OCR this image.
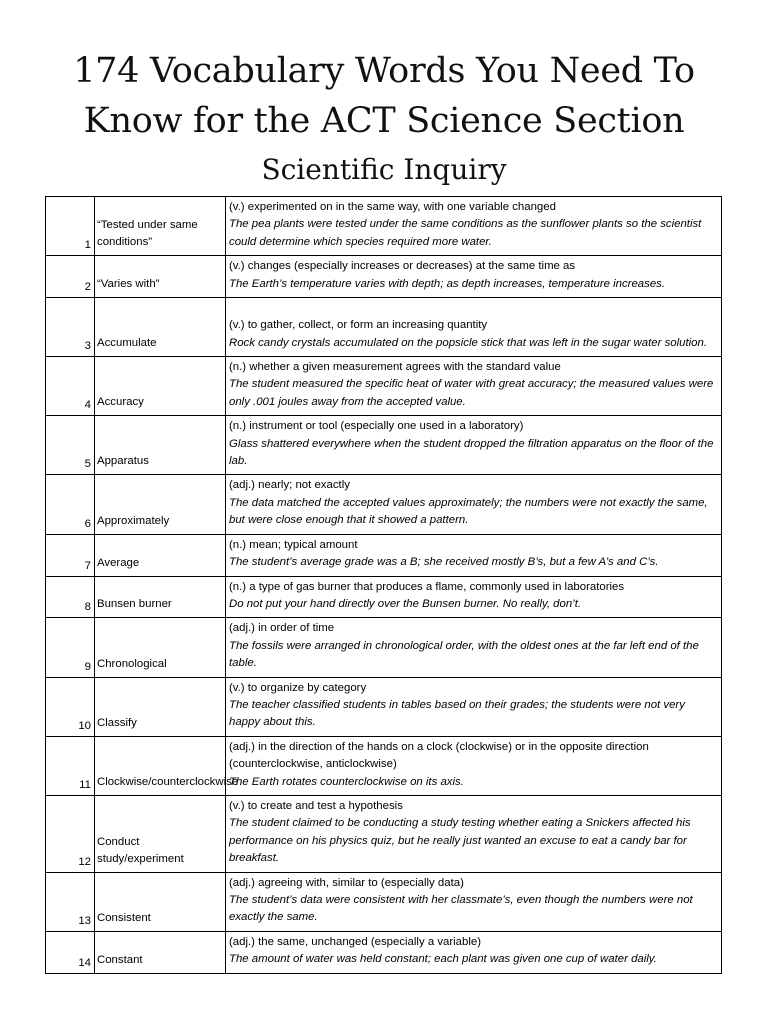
174 Vocabulary Words You Need To
Know for the ACT Science Section
Scientific Inquiry
1	“Tested under same conditions”	(v.) experimented on in the same way, with one variable changed
The pea plants were tested under the same conditions as the sunflower plants so the scientist could determine which species required more water.

2	“Varies with”	(v.) changes (especially increases or decreases) at the same time as
The Earth’s temperature varies with depth; as depth increases, temperature increases.

3	Accumulate	(v.) to gather, collect, or form an increasing quantity
Rock candy crystals accumulated on the popsicle stick that was left in the sugar water solution.

4	Accuracy	(n.) whether a given measurement agrees with the standard value
The student measured the specific heat of water with great accuracy; the measured values were only .001 joules away from the accepted value.

5	Apparatus	(n.) instrument or tool (especially one used in a laboratory)
Glass shattered everywhere when the student dropped the filtration apparatus on the floor of the lab.

6	Approximately	(adj.) nearly; not exactly
The data matched the accepted values approximately; the numbers were not exactly the same, but were close enough that it showed a pattern.

7	Average	(n.) mean; typical amount
The student’s average grade was a B; she received mostly B’s, but a few A’s and C’s.

8	Bunsen burner	(n.) a type of gas burner that produces a flame, commonly used in laboratories
Do not put your hand directly over the Bunsen burner. No really, don’t.

9	Chronological	(adj.) in order of time
The fossils were arranged in chronological order, with the oldest ones at the far left end of the table.

10	Classify	(v.) to organize by category
The teacher classified students in tables based on their grades; the students were not very happy about this.

11	Clockwise/counterclockwise	(adj.) in the direction of the hands on a clock (clockwise) or in the opposite direction (counterclockwise, anticlockwise)
The Earth rotates counterclockwise on its axis.

12	Conduct study/experiment	(v.) to create and test a hypothesis
The student claimed to be conducting a study testing whether eating a Snickers affected his performance on his physics quiz, but he really just wanted an excuse to eat a candy bar for breakfast.

13	Consistent	(adj.) agreeing with, similar to (especially data)
The student’s data were consistent with her classmate’s, even though the numbers were not exactly the same.

14	Constant	(adj.) the same, unchanged (especially a variable)
The amount of water was held constant; each plant was given one cup of water daily.
